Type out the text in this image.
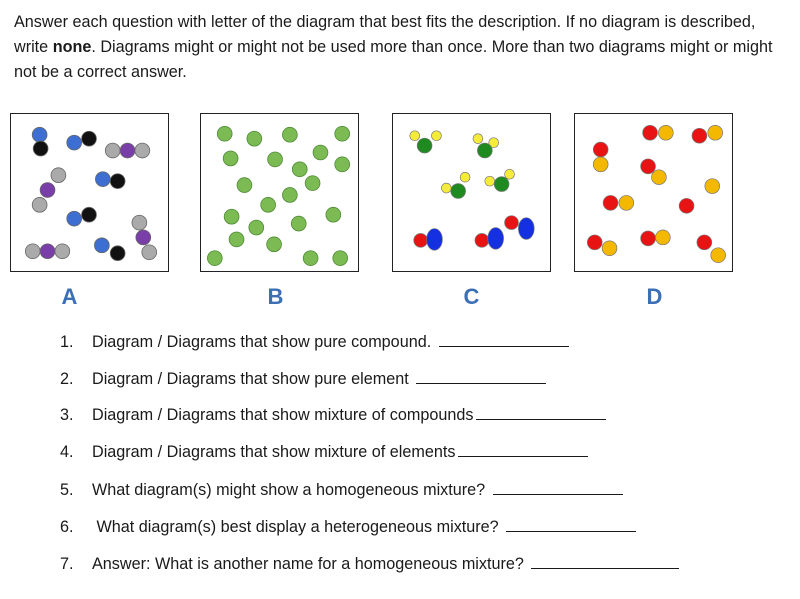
Answer each question with letter of the diagram that best fits the description. If no diagram is described, write none. Diagrams might or might not be used more than once. More than two diagrams might or might not be a correct answer.

A	B	C	D
1. Diagram / Diagrams that show pure compound.
2. Diagram / Diagrams that show pure element
3. Diagram / Diagrams that show mixture of compounds
4. Diagram / Diagrams that show mixture of elements
5. What diagram(s) might show a homogeneous mixture?
6. What diagram(s) best display a heterogeneous mixture?
7. Answer: What is another name for a homogeneous mixture?
